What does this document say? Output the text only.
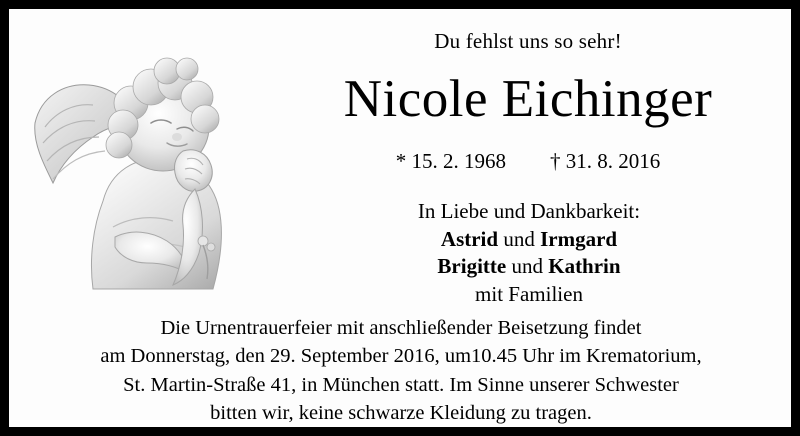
Du fehlst uns so sehr!
Nicole Eichinger
* 15. 2. 1968 † 31. 8. 2016
In Liebe und Dankbarkeit:
Astrid und Irmgard
Brigitte und Kathrin
mit Familien
Die Urnentrauerfeier mit anschließender Beisetzung findet
am Donnerstag, den 29. September 2016, um10.45 Uhr im Krematorium,
St. Martin-Straße 41, in München statt. Im Sinne unserer Schwester
bitten wir, keine schwarze Kleidung zu tragen.
